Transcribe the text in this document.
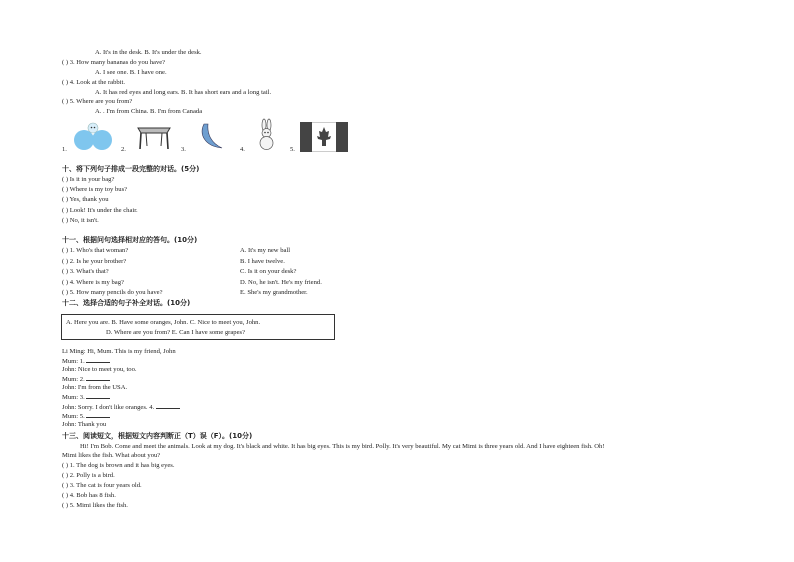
A. It's in the desk. B. It's under the desk.
( ) 3. How many bananas do you have?
A. I see one. B. I have one.
( ) 4. Look at the rabbit.
A. It has red eyes and long ears. B. It has short ears and a long tail.
( ) 5. Where are you from?
A. . I'm from China. B. I'm from Canada
1.	2.	3.	4.	5.
十、将下列句子排成一段完整的对话。(5分)
( ) Is it in your bag?
( ) Where is my toy bus?
( ) Yes, thank you
( ) Look! It's under the chair.
( ) No, it isn't.
十一、根据问句选择相对应的答句。(10分)
( ) 1. Who's that woman?
( ) 2. Is he your brother?
( ) 3. What's that?
( ) 4. Where is my bag?
( ) 5. How many pencils do you have?
A. It's my new ball
B. I have twelve.
C. Is it on your desk?
D. No, he isn't. He's my friend.
E. She's my grandmother.
十二、选择合适的句子补全对话。(10分)
A. Here you are. B. Have some oranges, John. C. Nice to meet you, John.
D. Where are you from? E. Can I have some grapes?
Li Ming: Hi, Mum. This is my friend, John
Mum: 1.
John: Nice to meet you, too.
Mum: 2.
John: I'm from the USA.
Mum: 3.
John: Sorry. I don't like oranges. 4.
Mum: 5.
John: Thank you
十三、阅读短文，根据短文内容判断正（T）误（F）。(10分)
Hi! I'm Bob. Come and meet the animals. Look at my dog. It's black and white. It has big eyes. This is my bird. Polly. It's very beautiful. My cat Mimi is three years old. And I have eighteen fish. Oh!
Mimi likes the fish. What about you?
( ) 1. The dog is brown and it has big eyes.
( ) 2. Polly is a bird.
( ) 3. The cat is four years old.
( ) 4. Bob has 8 fish.
( ) 5. Mimi likes the fish.
